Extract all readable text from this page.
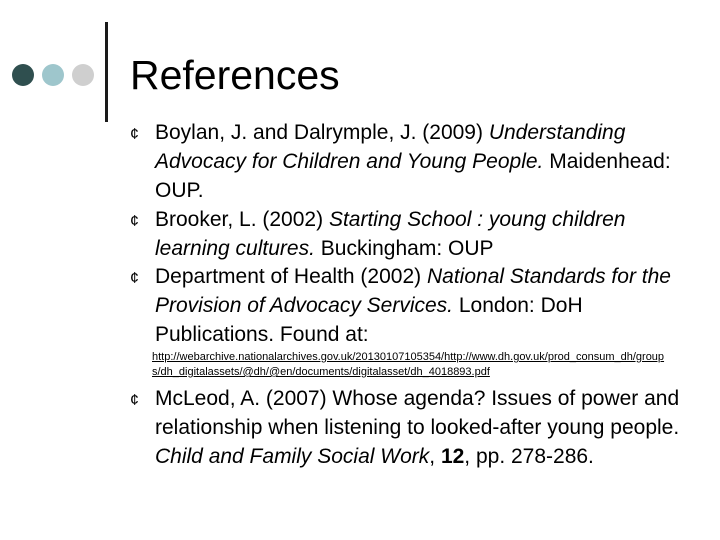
References
¢ Boylan, J. and Dalrymple, J. (2009) Understanding Advocacy for Children and Young People. Maidenhead: OUP.
¢ Brooker, L. (2002) Starting School : young children learning cultures. Buckingham: OUP
¢ Department of Health (2002) National Standards for the Provision of Advocacy Services. London: DoH Publications. Found at:
http://webarchive.nationalarchives.gov.uk/20130107105354/http://www.dh.gov.uk/prod_consum_dh/groups/dh_digitalassets/@dh/@en/documents/digitalasset/dh_4018893.pdf
¢ McLeod, A. (2007) Whose agenda? Issues of power and relationship when listening to looked-after young people. Child and Family Social Work, 12, pp. 278-286.
